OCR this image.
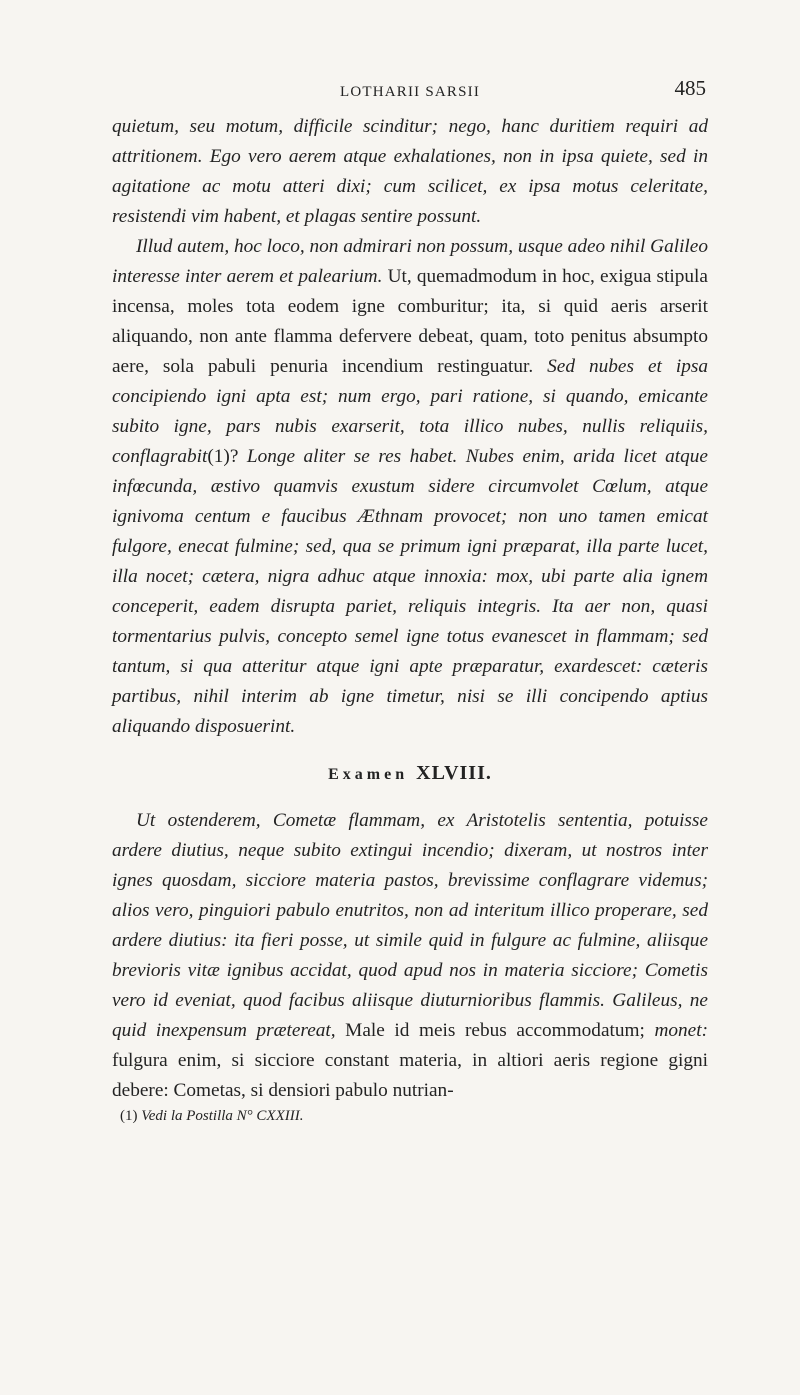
LOTHARII SARSII	485

quietum, seu motum, difficile scinditur; nego, hanc duritiem requiri ad attritionem. Ego vero aerem atque exhalationes, non in ipsa quiete, sed in agitatione ac motu atteri dixi; cum scilicet, ex ipsa motus celeritate, resistendi vim habent, et plagas sentire possunt.

Illud autem, hoc loco, non admirari non possum, usque adeo nihil Galileo interesse inter aerem et palearium. Ut, quemadmodum in hoc, exigua stipula incensa, moles tota eodem igne comburitur; ita, si quid aeris arserit aliquando, non ante flamma defervere debeat, quam, toto penitus absumpto aere, sola pabuli penuria incendium restinguatur. Sed nubes et ipsa concipiendo igni apta est; num ergo, pari ratione, si quando, emicante subito igne, pars nubis exarserit, tota illico nubes, nullis reliquiis, conflagrabit(1)? Longe aliter se res habet. Nubes enim, arida licet atque infœcunda, æstivo quamvis exustum sidere circumvolet Cœlum, atque ignivoma centum e faucibus Æthnam provocet; non uno tamen emicat fulgore, enecat fulmine; sed, qua se primum igni præparat, illa parte lucet, illa nocet; cætera, nigra adhuc atque innoxia: mox, ubi parte alia ignem conceperit, eadem disrupta pariet, reliquis integris. Ita aer non, quasi tormentarius pulvis, concepto semel igne totus evanescet in flammam; sed tantum, si qua atteritur atque igni apte præparatur, exardescet: cæteris partibus, nihil interim ab igne timetur, nisi se illi concipendo aptius aliquando disposuerint.

Examen XLVIII.

Ut ostenderem, Cometæ flammam, ex Aristotelis sententia, potuisse ardere diutius, neque subito extingui incendio; dixeram, ut nostros inter ignes quosdam, sicciore materia pastos, brevissime conflagrare videmus; alios vero, pinguiori pabulo enutritos, non ad interitum illico properare, sed ardere diutius: ita fieri posse, ut simile quid in fulgure ac fulmine, aliisque brevioris vitæ ignibus accidat, quod apud nos in materia sicciore; Cometis vero id eveniat, quod facibus aliisque diuturnioribus flammis. Galileus, ne quid inexpensum prætereat, Male id meis rebus accommodatum; monet: fulgura enim, si sicciore constant materia, in altiori aeris regione gigni debere: Cometas, si densiori pabulo nutrian-

(1) Vedi la Postilla N° CXXIII.
